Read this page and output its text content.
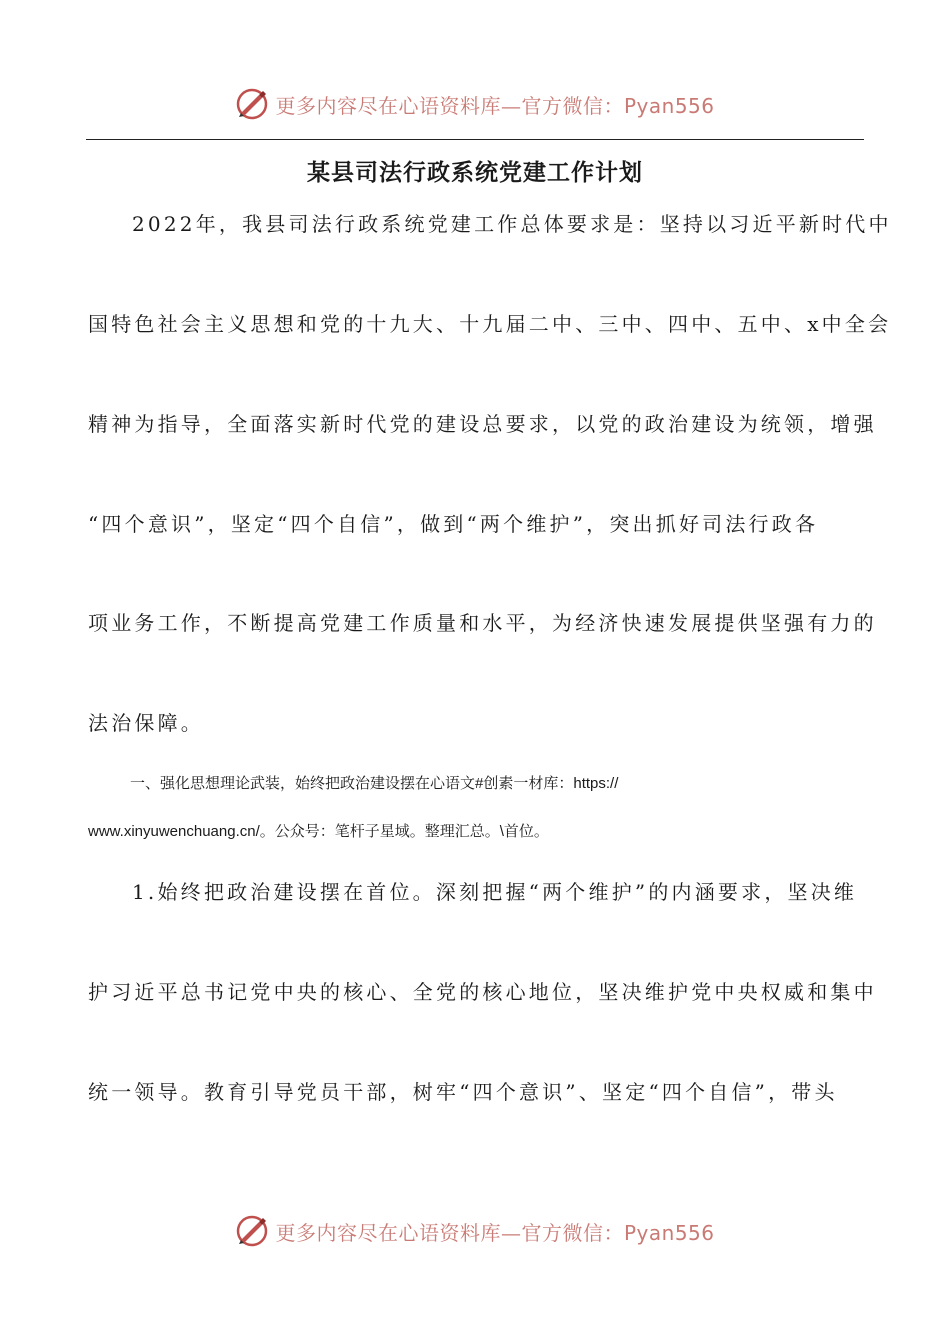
更多内容尽在心语资料库—官方微信：Pyan556
某县司法行政系统党建工作计划
2022年，我县司法行政系统党建工作总体要求是：坚持以习近平新时代中
国特色社会主义思想和党的十九大、十九届二中、三中、四中、五中、x中全会
精神为指导，全面落实新时代党的建设总要求，以党的政治建设为统领，增强
“四个意识”，坚定“四个自信”，做到“两个维护”，突出抓好司法行政各
项业务工作，不断提高党建工作质量和水平，为经济快速发展提供坚强有力的
法治保障。
一、强化思想理论武装，始终把政治建设摆在心语文#创素一材库：https://
www.xinyuwenchuang.cn/。公众号：笔杆子星域。整理汇总。\首位。
1.始终把政治建设摆在首位。深刻把握“两个维护”的内涵要求，坚决维
护习近平总书记党中央的核心、全党的核心地位，坚决维护党中央权威和集中
统一领导。教育引导党员干部，树牢“四个意识”、坚定“四个自信”，带头
更多内容尽在心语资料库—官方微信：Pyan556
